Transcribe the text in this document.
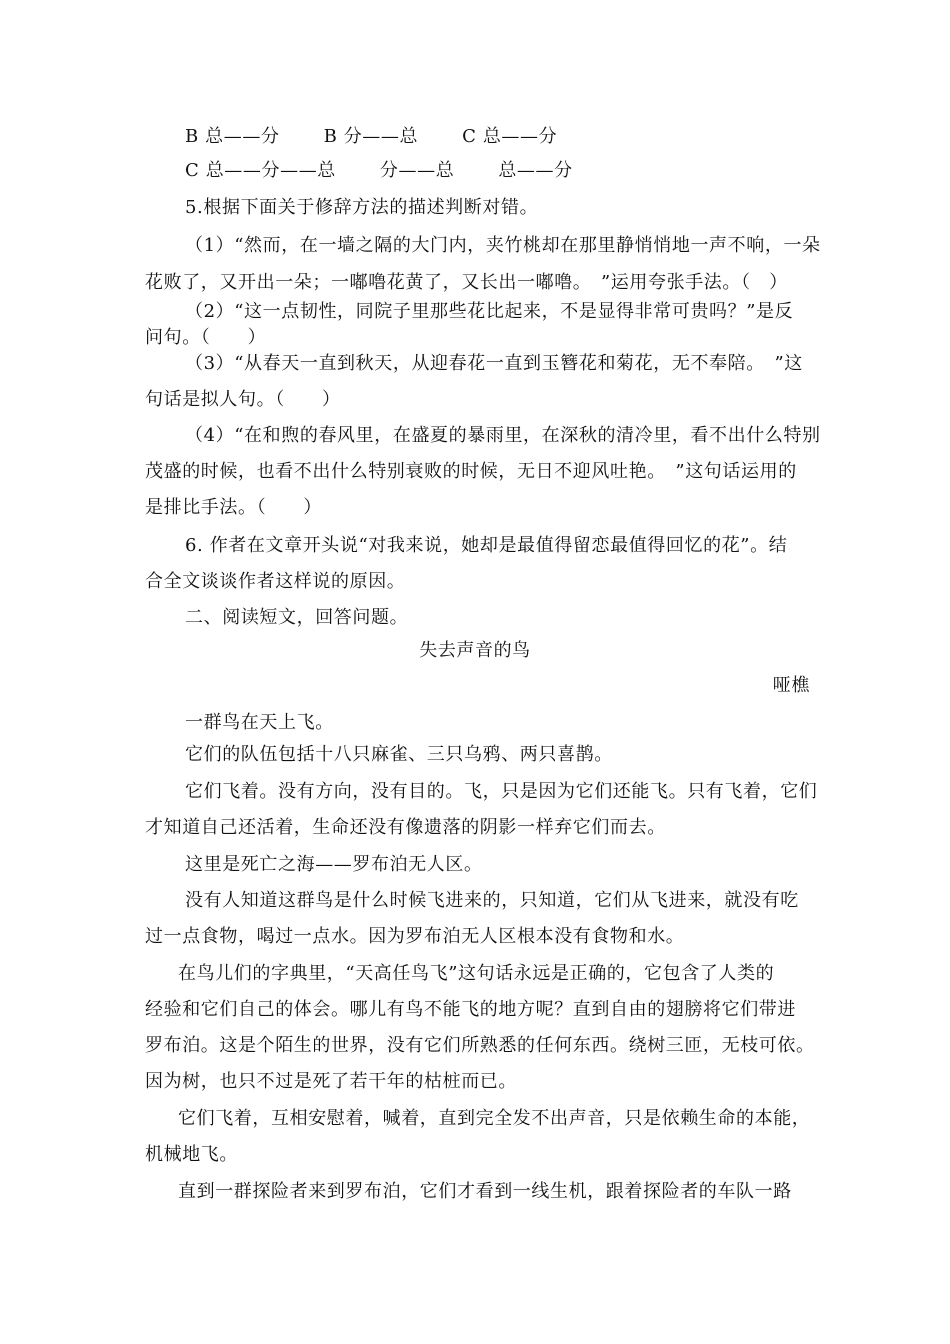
B 总——分 B 分——总 C 总——分
C 总——分——总 分——总 总——分

5.根据下面关于修辞方法的描述判断对错。

（1）“然而，在一墙之隔的大门内，夹竹桃却在那里静悄悄地一声不响，一朵

花败了，又开出一朵；一嘟噜花黄了，又长出一嘟噜。　”运用夸张手法。（　）

（2）“这一点韧性，同院子里那些花比起来，不是显得非常可贵吗？”是反

问句。（　　）

（3）“从春天一直到秋天，从迎春花一直到玉簪花和菊花，无不奉陪。　”这

句话是拟人句。（　　）

（4）“在和煦的春风里，在盛夏的暴雨里，在深秋的清冷里，看不出什么特别

茂盛的时候，也看不出什么特别衰败的时候，无日不迎风吐艳。　”这句话运用的

是排比手法。（　　）

6. 作者在文章开头说“对我来说，她却是最值得留恋最值得回忆的花”。结

合全文谈谈作者这样说的原因。

二、阅读短文，回答问题。

失去声音的鸟

哑樵

一群鸟在天上飞。

它们的队伍包括十八只麻雀、三只乌鸦、两只喜鹊。

它们飞着。没有方向，没有目的。飞，只是因为它们还能飞。只有飞着，它们

才知道自己还活着，生命还没有像遗落的阴影一样弃它们而去。

这里是死亡之海——罗布泊无人区。

没有人知道这群鸟是什么时候飞进来的，只知道，它们从飞进来，就没有吃

过一点食物，喝过一点水。因为罗布泊无人区根本没有食物和水。

在鸟儿们的字典里，“天高任鸟飞”这句话永远是正确的，它包含了人类的

经验和它们自己的体会。哪儿有鸟不能飞的地方呢？直到自由的翅膀将它们带进

罗布泊。这是个陌生的世界，没有它们所熟悉的任何东西。绕树三匝，无枝可依。

因为树，也只不过是死了若干年的枯桩而已。

它们飞着，互相安慰着，喊着，直到完全发不出声音，只是依赖生命的本能，

机械地飞。

直到一群探险者来到罗布泊，它们才看到一线生机，跟着探险者的车队一路
